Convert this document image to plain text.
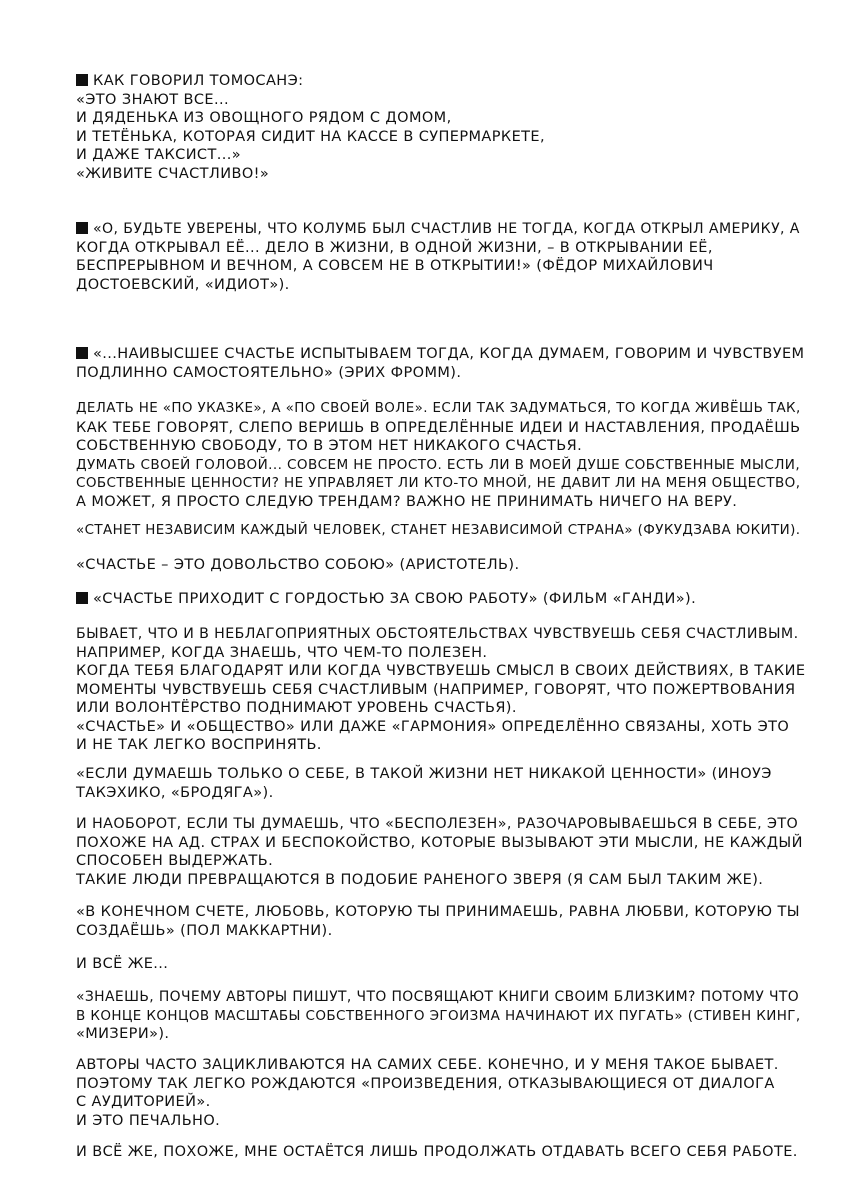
КАК ГОВОРИЛ ТОМОСАНЭ:
«ЭТО ЗНАЮТ ВСЕ...
И ДЯДЕНЬКА ИЗ ОВОЩНОГО РЯДОМ С ДОМОМ,
И ТЕТЁНЬКА, КОТОРАЯ СИДИТ НА КАССЕ В СУПЕРМАРКЕТЕ,
И ДАЖЕ ТАКСИСТ...»
«ЖИВИТЕ СЧАСТЛИВО!»
«О, БУДЬТЕ УВЕРЕНЫ, ЧТО КОЛУМБ БЫЛ СЧАСТЛИВ НЕ ТОГДА, КОГДА ОТКРЫЛ АМЕРИКУ, А
КОГДА ОТКРЫВАЛ ЕЁ... ДЕЛО В ЖИЗНИ, В ОДНОЙ ЖИЗНИ, – В ОТКРЫВАНИИ ЕЁ,
БЕСПРЕРЫВНОМ И ВЕЧНОМ, А СОВСЕМ НЕ В ОТКРЫТИИ!» (ФЁДОР МИХАЙЛОВИЧ
ДОСТОЕВСКИЙ, «ИДИОТ»).
«...НАИВЫСШЕЕ СЧАСТЬЕ ИСПЫТЫВАЕМ ТОГДА, КОГДА ДУМАЕМ, ГОВОРИМ И ЧУВСТВУЕМ
ПОДЛИННО САМОСТОЯТЕЛЬНО» (ЭРИХ ФРОММ).
ДЕЛАТЬ НЕ «ПО УКАЗКЕ», А «ПО СВОЕЙ ВОЛЕ». ЕСЛИ ТАК ЗАДУМАТЬСЯ, ТО КОГДА ЖИВЁШЬ ТАК,
КАК ТЕБЕ ГОВОРЯТ, СЛЕПО ВЕРИШЬ В ОПРЕДЕЛЁННЫЕ ИДЕИ И НАСТАВЛЕНИЯ, ПРОДАЁШЬ
СОБСТВЕННУЮ СВОБОДУ, ТО В ЭТОМ НЕТ НИКАКОГО СЧАСТЬЯ.
ДУМАТЬ СВОЕЙ ГОЛОВОЙ... СОВСЕМ НЕ ПРОСТО. ЕСТЬ ЛИ В МОЕЙ ДУШЕ СОБСТВЕННЫЕ МЫСЛИ,
СОБСТВЕННЫЕ ЦЕННОСТИ? НЕ УПРАВЛЯЕТ ЛИ КТО-ТО МНОЙ, НЕ ДАВИТ ЛИ НА МЕНЯ ОБЩЕСТВО,
А МОЖЕТ, Я ПРОСТО СЛЕДУЮ ТРЕНДАМ? ВАЖНО НЕ ПРИНИМАТЬ НИЧЕГО НА ВЕРУ.
«СТАНЕТ НЕЗАВИСИМ КАЖДЫЙ ЧЕЛОВЕК, СТАНЕТ НЕЗАВИСИМОЙ СТРАНА» (ФУКУДЗАВА ЮКИТИ).
«СЧАСТЬЕ – ЭТО ДОВОЛЬСТВО СОБОЮ» (АРИСТОТЕЛЬ).
«СЧАСТЬЕ ПРИХОДИТ С ГОРДОСТЬЮ ЗА СВОЮ РАБОТУ» (ФИЛЬМ «ГАНДИ»).
БЫВАЕТ, ЧТО И В НЕБЛАГОПРИЯТНЫХ ОБСТОЯТЕЛЬСТВАХ ЧУВСТВУЕШЬ СЕБЯ СЧАСТЛИВЫМ.
НАПРИМЕР, КОГДА ЗНАЕШЬ, ЧТО ЧЕМ-ТО ПОЛЕЗЕН.
КОГДА ТЕБЯ БЛАГОДАРЯТ ИЛИ КОГДА ЧУВСТВУЕШЬ СМЫСЛ В СВОИХ ДЕЙСТВИЯХ, В ТАКИЕ
МОМЕНТЫ ЧУВСТВУЕШЬ СЕБЯ СЧАСТЛИВЫМ (НАПРИМЕР, ГОВОРЯТ, ЧТО ПОЖЕРТВОВАНИЯ
ИЛИ ВОЛОНТЁРСТВО ПОДНИМАЮТ УРОВЕНЬ СЧАСТЬЯ).
«СЧАСТЬЕ» И «ОБЩЕСТВО» ИЛИ ДАЖЕ «ГАРМОНИЯ» ОПРЕДЕЛЁННО СВЯЗАНЫ, ХОТЬ ЭТО
И НЕ ТАК ЛЕГКО ВОСПРИНЯТЬ.
«ЕСЛИ ДУМАЕШЬ ТОЛЬКО О СЕБЕ, В ТАКОЙ ЖИЗНИ НЕТ НИКАКОЙ ЦЕННОСТИ» (ИНОУЭ
ТАКЭХИКО, «БРОДЯГА»).
И НАОБОРОТ, ЕСЛИ ТЫ ДУМАЕШЬ, ЧТО «БЕСПОЛЕЗЕН», РАЗОЧАРОВЫВАЕШЬСЯ В СЕБЕ, ЭТО
ПОХОЖЕ НА АД. СТРАХ И БЕСПОКОЙСТВО, КОТОРЫЕ ВЫЗЫВАЮТ ЭТИ МЫСЛИ, НЕ КАЖДЫЙ
СПОСОБЕН ВЫДЕРЖАТЬ.
ТАКИЕ ЛЮДИ ПРЕВРАЩАЮТСЯ В ПОДОБИЕ РАНЕНОГО ЗВЕРЯ (Я САМ БЫЛ ТАКИМ ЖЕ).
«В КОНЕЧНОМ СЧЕТЕ, ЛЮБОВЬ, КОТОРУЮ ТЫ ПРИНИМАЕШЬ, РАВНА ЛЮБВИ, КОТОРУЮ ТЫ
СОЗДАЁШЬ» (ПОЛ МАККАРТНИ).
И ВСЁ ЖЕ...
«ЗНАЕШЬ, ПОЧЕМУ АВТОРЫ ПИШУТ, ЧТО ПОСВЯЩАЮТ КНИГИ СВОИМ БЛИЗКИМ? ПОТОМУ ЧТО
В КОНЦЕ КОНЦОВ МАСШТАБЫ СОБСТВЕННОГО ЭГОИЗМА НАЧИНАЮТ ИХ ПУГАТЬ» (СТИВЕН КИНГ,
«МИЗЕРИ»).
АВТОРЫ ЧАСТО ЗАЦИКЛИВАЮТСЯ НА САМИХ СЕБЕ. КОНЕЧНО, И У МЕНЯ ТАКОЕ БЫВАЕТ.
ПОЭТОМУ ТАК ЛЕГКО РОЖДАЮТСЯ «ПРОИЗВЕДЕНИЯ, ОТКАЗЫВАЮЩИЕСЯ ОТ ДИАЛОГА
С АУДИТОРИЕЙ».
И ЭТО ПЕЧАЛЬНО.
И ВСЁ ЖЕ, ПОХОЖЕ, МНЕ ОСТАЁТСЯ ЛИШЬ ПРОДОЛЖАТЬ ОТДАВАТЬ ВСЕГО СЕБЯ РАБОТЕ.
